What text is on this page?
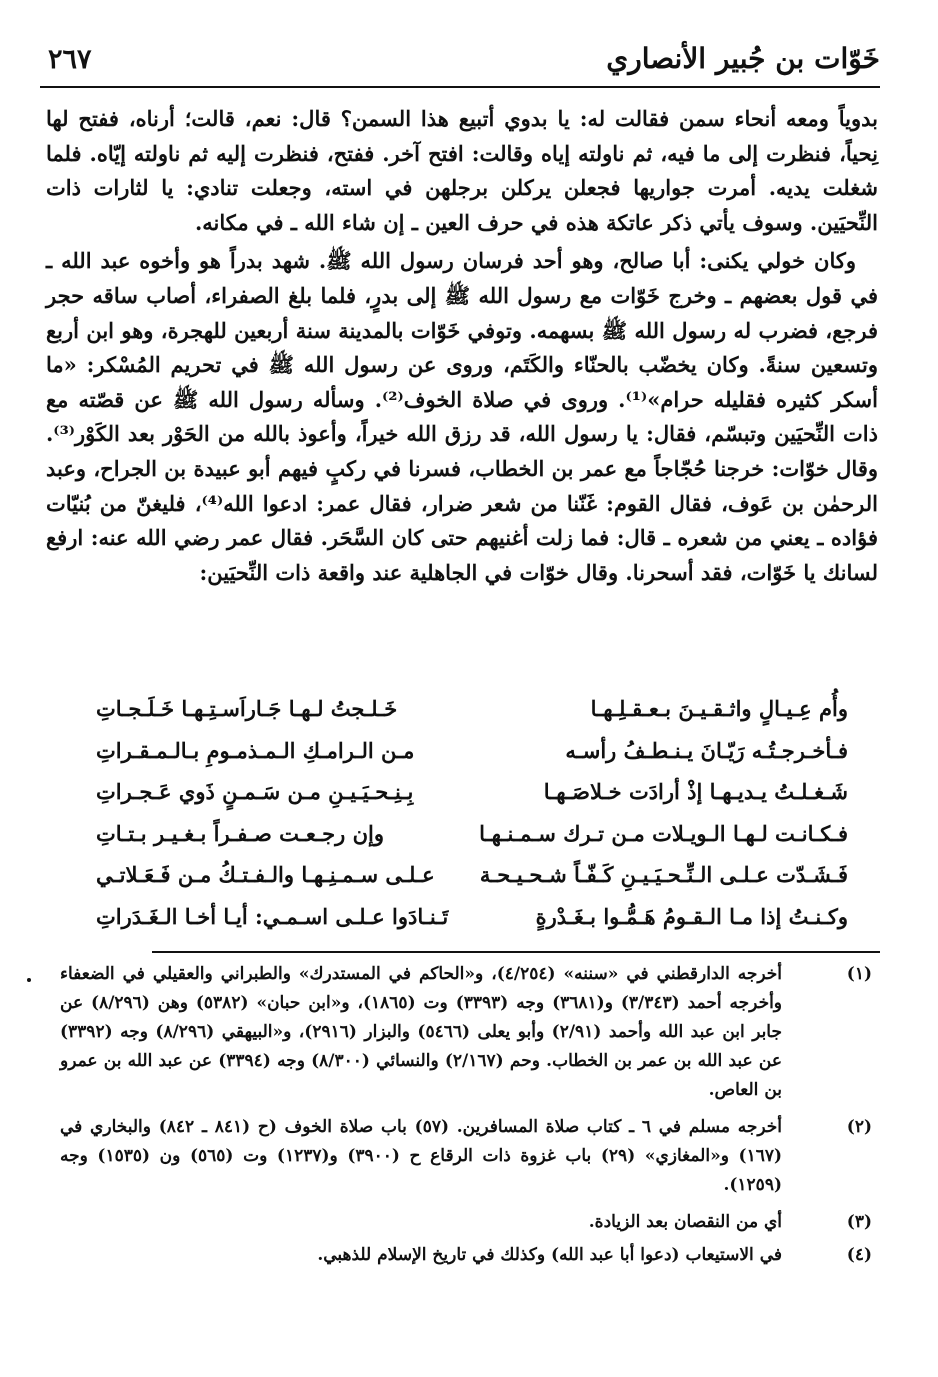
خَوّات بن جُبير الأنصاري
٢٦٧

بدوياً ومعه أنحاء سمن فقالت له: يا بدوي أتبيع هذا السمن؟ قال: نعم، قالت؛ أرناه، ففتح لها نِحياً، فنظرت إلى ما فيه، ثم ناولته إياه وقالت: افتح آخر. ففتح، فنظرت إليه ثم ناولته إيّاه. فلما شغلت يديه. أمرت جواريها فجعلن يركلن برجلهن في استه، وجعلت تنادي: يا لثارات ذات النِّحيَين. وسوف يأتي ذكر عاتكة هذه في حرف العين ـ إن شاء الله ـ في مكانه.

وكان خولي يكنى: أبا صالح، وهو أحد فرسان رسول الله ﷺ. شهد بدراً هو وأخوه عبد الله ـ في قول بعضهم ـ وخرج خَوّات مع رسول الله ﷺ إلى بدرٍ، فلما بلغ الصفراء، أصاب ساقه حجر فرجع، فضرب له رسول الله ﷺ بسهمه. وتوفي خَوّات بالمدينة سنة أربعين للهجرة، وهو ابن أربع وتسعين سنةً. وكان يخضّب بالحنّاء والكَتَم، وروى عن رسول الله ﷺ في تحريم المُسْكر: «ما أسكر كثيره فقليله حرام»⁽¹⁾. وروى في صلاة الخوف⁽²⁾. وسأله رسول الله ﷺ عن قصّته مع ذات النِّحيَين وتبسّم، فقال: يا رسول الله، قد رزق الله خيراً، وأعوذ بالله من الحَوْر بعد الكَوْر⁽³⁾. وقال خوّات: خرجنا حُجّاجاً مع عمر بن الخطاب، فسرنا في ركبٍ فيهم أبو عبيدة بن الجراح، وعبد الرحمٰن بن عَوف، فقال القوم: غَنّنا من شعر ضرار، فقال عمر: ادعوا الله⁽⁴⁾، فليغنّ من بُنيّات فؤاده ـ يعني من شعره ـ قال: فما زلت أغنيهم حتى كان السَّحَر. فقال عمر رضي الله عنه: ارفع لسانك يا خَوّات، فقد أسحرنا. وقال خوّات في الجاهلية عند واقعة ذات النِّحيَين:

وأُم عِـيـالٍ واثـقـيـنَ بـعـقـلِـهـا
خَـلـجتُ لـهـا جَـاراَسـتِـهـا خَـلَـجـاتِ
فـأخـرجـتُـه رَيّـانَ يـنـطـفُ رأسـه
مـن الـرامـكِ الـمـذمـومِ بـالـمـقـراتِ
شَـغـلـتُ يـديـهـا إذْ أرادَت خـلاصَـهـا
بِـنِـحـيَـيـنِ مـن سَـمـنٍ ذَوي عَـجـراتِ
فـكـانـت لـهـا الـويـلات مـن تـرك سـمـنـهـا
وإن رجـعـت صـفـراً بـغـيـر بـتـاتِ
فَـشَـدّت عـلـى الـنِّـحـيَـيـنِ كَـفّـاً شـحـيـحـة
عـلـى سـمـنِـهـا والـفـتـكُ مـن فَـعَـلاتـي
وكـنـتُ إذا مـا الـقـومُ هَـمُّـوا بـغَـدْرةٍ
تَـنـادَوا عـلـى اسـمـي: أيـا أخـا الـغَـدَراتِ
(١)
أخرجه الدارقطني في «سننه» (٤/٢٥٤)، و«الحاكم في المستدرك» والطبراني والعقيلي في الضعفاء وأخرجه أحمد (٣/٣٤٣) و(٣٦٨١) وجه (٣٣٩٣) وت (١٨٦٥)، و«ابن حبان» (٥٣٨٢) وهن (٨/٢٩٦) عن جابر ابن عبد الله وأحمد (٢/٩١) وأبو يعلى (٥٤٦٦) والبزار (٢٩١٦)، و«البيهقي (٨/٢٩٦) وجه (٣٣٩٢) عن عبد الله بن عمر بن الخطاب. وحم (٢/١٦٧) والنسائي (٨/٣٠٠) وجه (٣٣٩٤) عن عبد الله بن عمرو بن العاص.
(٢)
أخرجه مسلم في ٦ ـ كتاب صلاة المسافرين. (٥٧) باب صلاة الخوف (ح (٨٤١ ـ ٨٤٢) والبخاري في (١٦٧) و«المغازي» (٢٩) باب غزوة ذات الرقاع ح (٣٩٠٠) و(١٢٣٧) وت (٥٦٥) ون (١٥٣٥) وجه (١٢٥٩).
(٣)
أي من النقصان بعد الزيادة.
(٤)
في الاستيعاب (دعوا أبا عبد الله) وكذلك في تاريخ الإسلام للذهبي.
